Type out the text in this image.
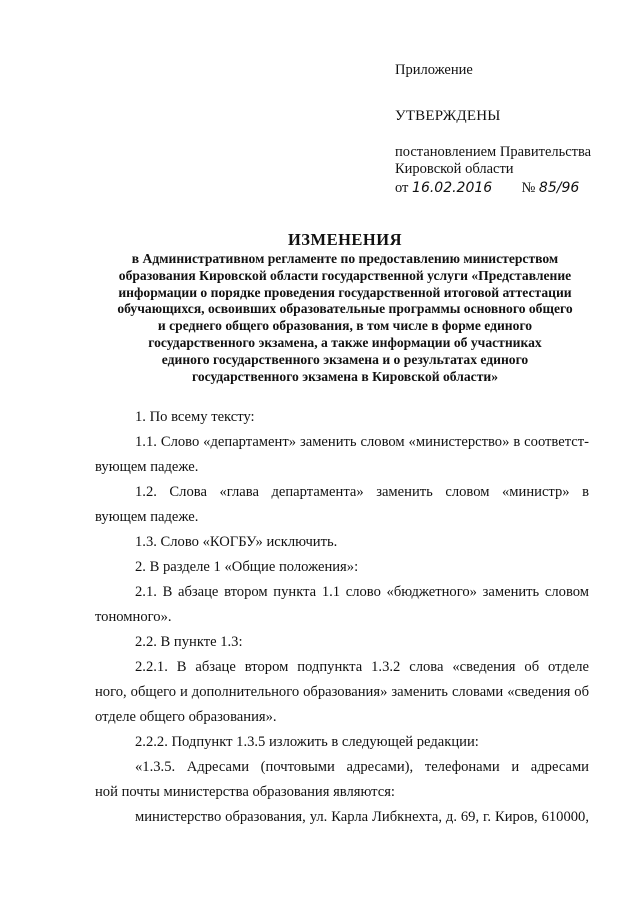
Приложение
УТВЕРЖДЕНЫ
постановлением Правительства
Кировской области
от 16.02.2016 № 85/96
ИЗМЕНЕНИЯ
в Административном регламенте по предоставлению министерством
образования Кировской области государственной услуги «Представление
информации о порядке проведения государственной итоговой аттестации
обучающихся, освоивших образовательные программы основного общего
и среднего общего образования, в том числе в форме единого
государственного экзамена, а также информации об участниках
единого государственного экзамена и о результатах единого
государственного экзамена в Кировской области»
1. По всему тексту:
1.1. Слово «департамент» заменить словом «министерство» в соответст-
вующем падеже.
1.2. Слова «глава департамента» заменить словом «министр» в
вующем падеже.
1.3. Слово «КОГБУ» исключить.
2. В разделе 1 «Общие положения»:
2.1. В абзаце втором пункта 1.1 слово «бюджетного» заменить словом
тономного».
2.2. В пункте 1.3:
2.2.1. В абзаце втором подпункта 1.3.2 слова «сведения об отделе
ного, общего и дополнительного образования» заменить словами «сведения об
отделе общего образования».
2.2.2. Подпункт 1.3.5 изложить в следующей редакции:
«1.3.5. Адресами (почтовыми адресами), телефонами и адресами
ной почты министерства образования являются:
министерство образования, ул. Карла Либкнехта, д. 69, г. Киров, 610000,
